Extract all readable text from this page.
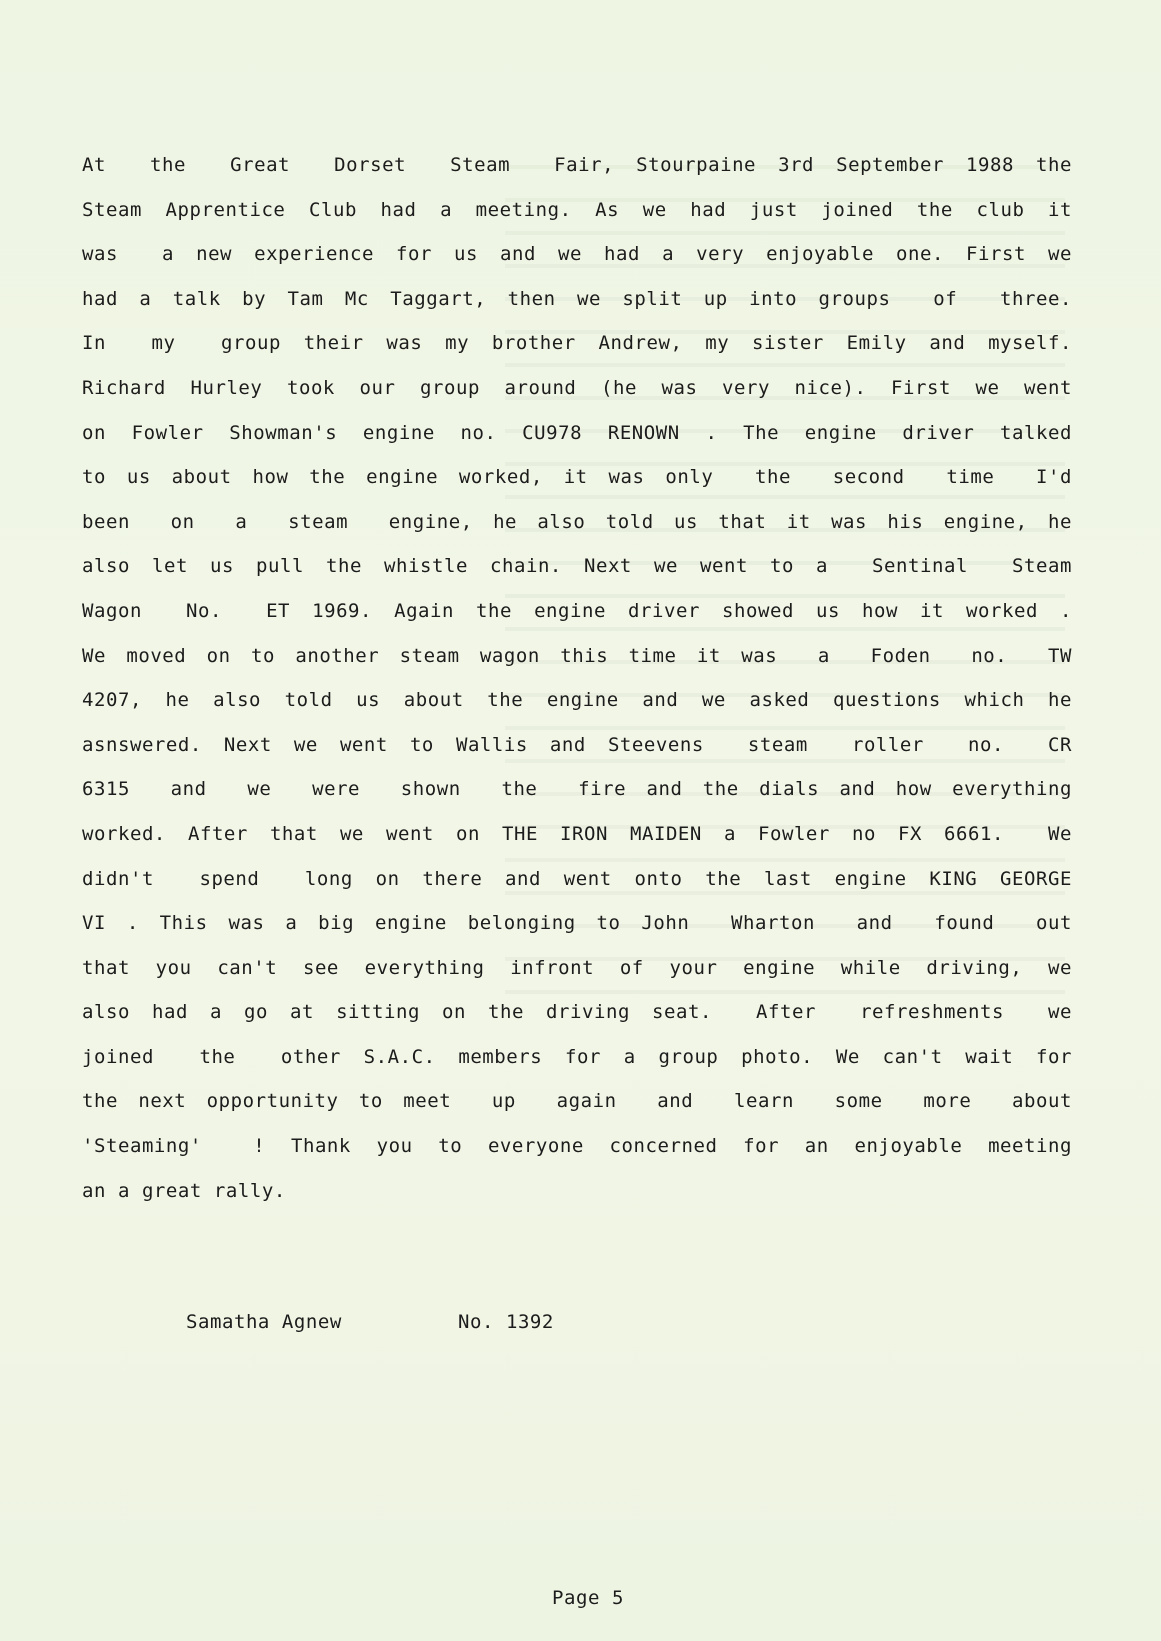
At  the  Great  Dorset  Steam  Fair, Stourpaine 3rd September 1988 the
Steam Apprentice Club had a meeting. As we had just joined the club it
was  a new experience for us and we had a very enjoyable one. First we
had a talk by Tam Mc Taggart, then we split up into groups  of  three.
In  my  group their was my brother Andrew, my sister Emily and myself.
Richard Hurley took our group around (he was very nice). First we went
on Fowler Showman's engine no. CU978 RENOWN . The engine driver talked
to us about how the engine worked, it was only  the  second  time  I'd
been  on  a  steam  engine, he also told us that it was his engine, he
also let us pull the whistle chain. Next we went to a  Sentinal  Steam
Wagon  No.  ET 1969. Again the engine driver showed us how it worked .
We moved on to another steam wagon this time it was  a  Foden  no.  TW
4207, he also told us about the engine and we asked questions which he
asnswered. Next we went to Wallis and Steevens  steam  roller  no.  CR
6315  and  we  were  shown  the  fire and the dials and how everything
worked. After that we went on THE IRON MAIDEN a Fowler no FX 6661.  We
didn't  spend  long on there and went onto the last engine KING GEORGE
VI . This was a big engine belonging to John  Wharton  and  found  out
that you can't see everything infront of your engine while driving, we
also had a go at sitting on the driving seat.  After  refreshments  we
joined  the  other S.A.C. members for a group photo. We can't wait for
the next opportunity to meet  up  again  and  learn  some  more  about
'Steaming'  ! Thank you to everyone concerned for an enjoyable meeting
an a great rally.
Samatha Agnew	No. 1392
Page 5
